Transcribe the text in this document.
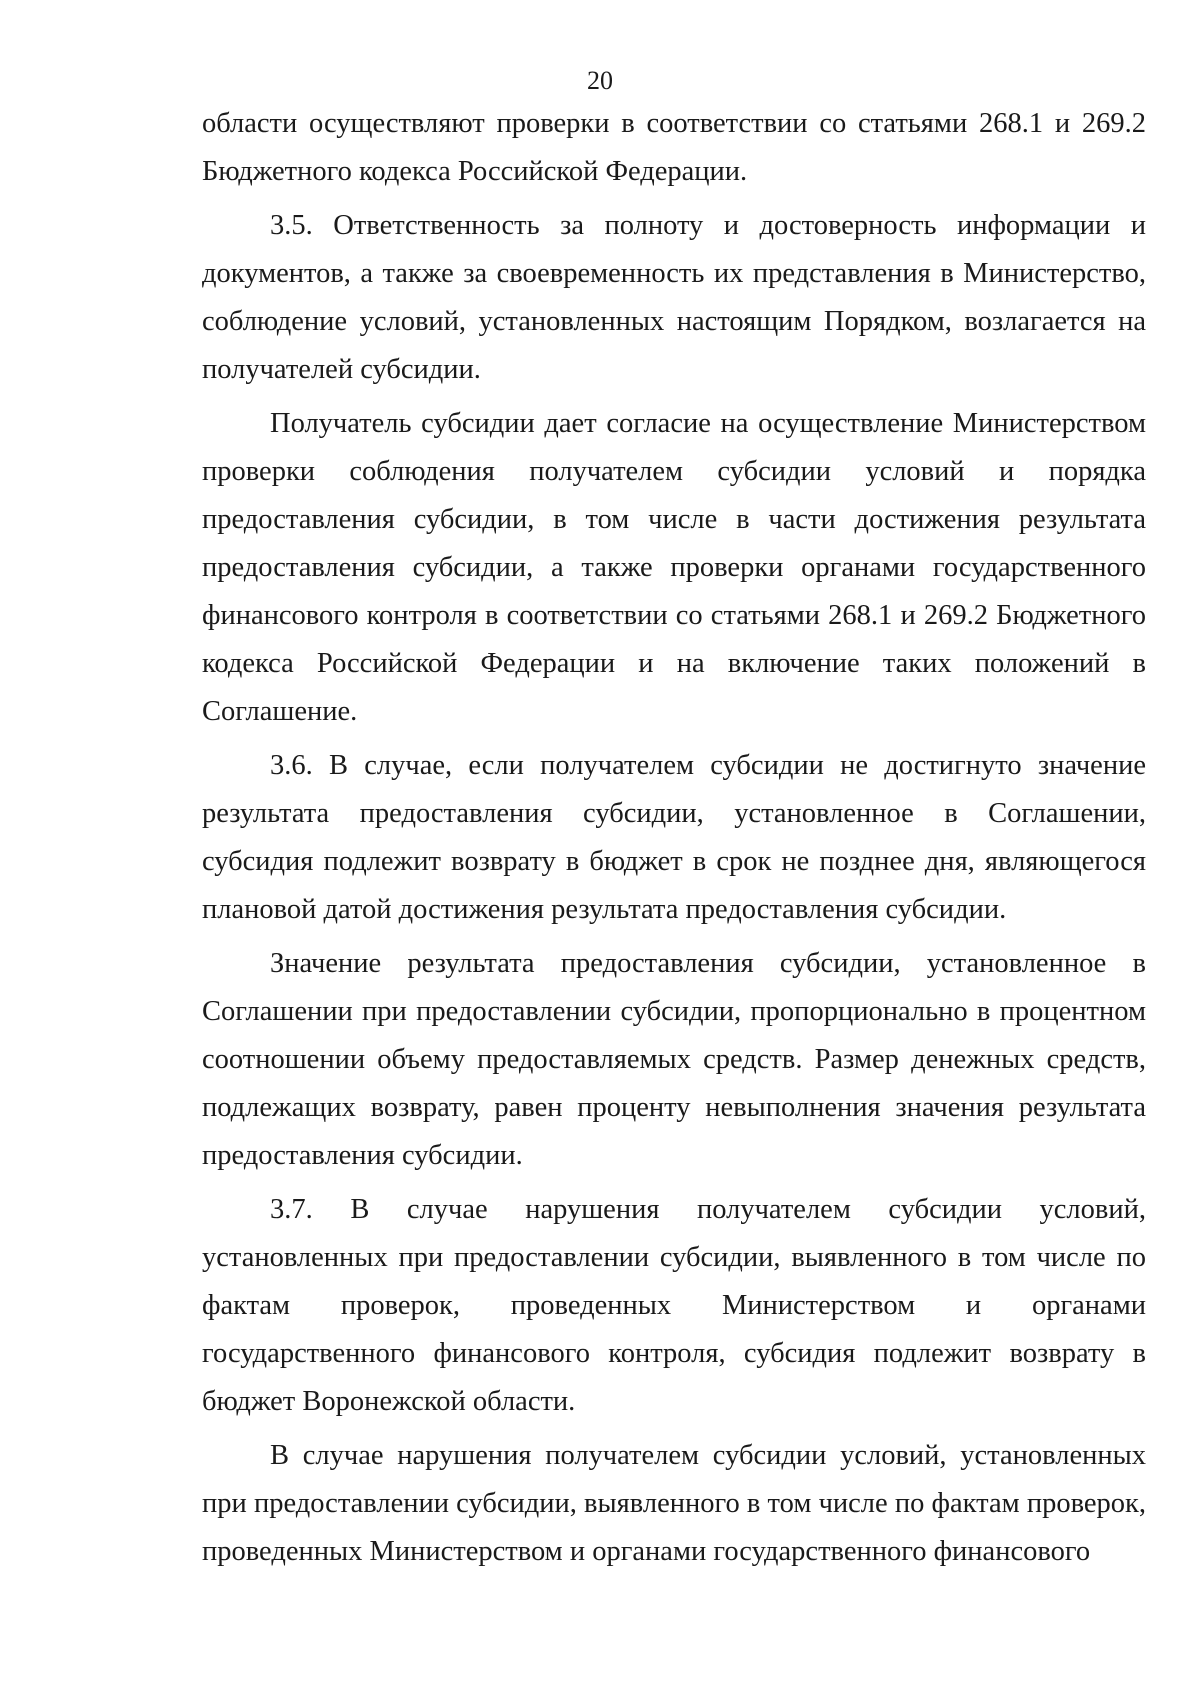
20

области осуществляют проверки в соответствии со статьями 268.1 и 269.2 Бюджетного кодекса Российской Федерации.

3.5. Ответственность за полноту и достоверность информации и документов, а также за своевременность их представления в Министерство, соблюдение условий, установленных настоящим Порядком, возлагается на получателей субсидии.

Получатель субсидии дает согласие на осуществление Министерством проверки соблюдения получателем субсидии условий и порядка предоставления субсидии, в том числе в части достижения результата предоставления субсидии, а также проверки органами государственного финансового контроля в соответствии со статьями 268.1 и 269.2 Бюджетного кодекса Российской Федерации и на включение таких положений в Соглашение.

3.6. В случае, если получателем субсидии не достигнуто значение результата предоставления субсидии, установленное в Соглашении, субсидия подлежит возврату в бюджет в срок не позднее дня, являющегося плановой датой достижения результата предоставления субсидии.

Значение результата предоставления субсидии, установленное в Соглашении при предоставлении субсидии, пропорционально в процентном соотношении объему предоставляемых средств. Размер денежных средств, подлежащих возврату, равен проценту невыполнения значения результата предоставления субсидии.

3.7. В случае нарушения получателем субсидии условий, установленных при предоставлении субсидии, выявленного в том числе по фактам проверок, проведенных Министерством и органами государственного финансового контроля, субсидия подлежит возврату в бюджет Воронежской области.

В случае нарушения получателем субсидии условий, установленных при предоставлении субсидии, выявленного в том числе по фактам проверок, проведенных Министерством и органами государственного финансового
